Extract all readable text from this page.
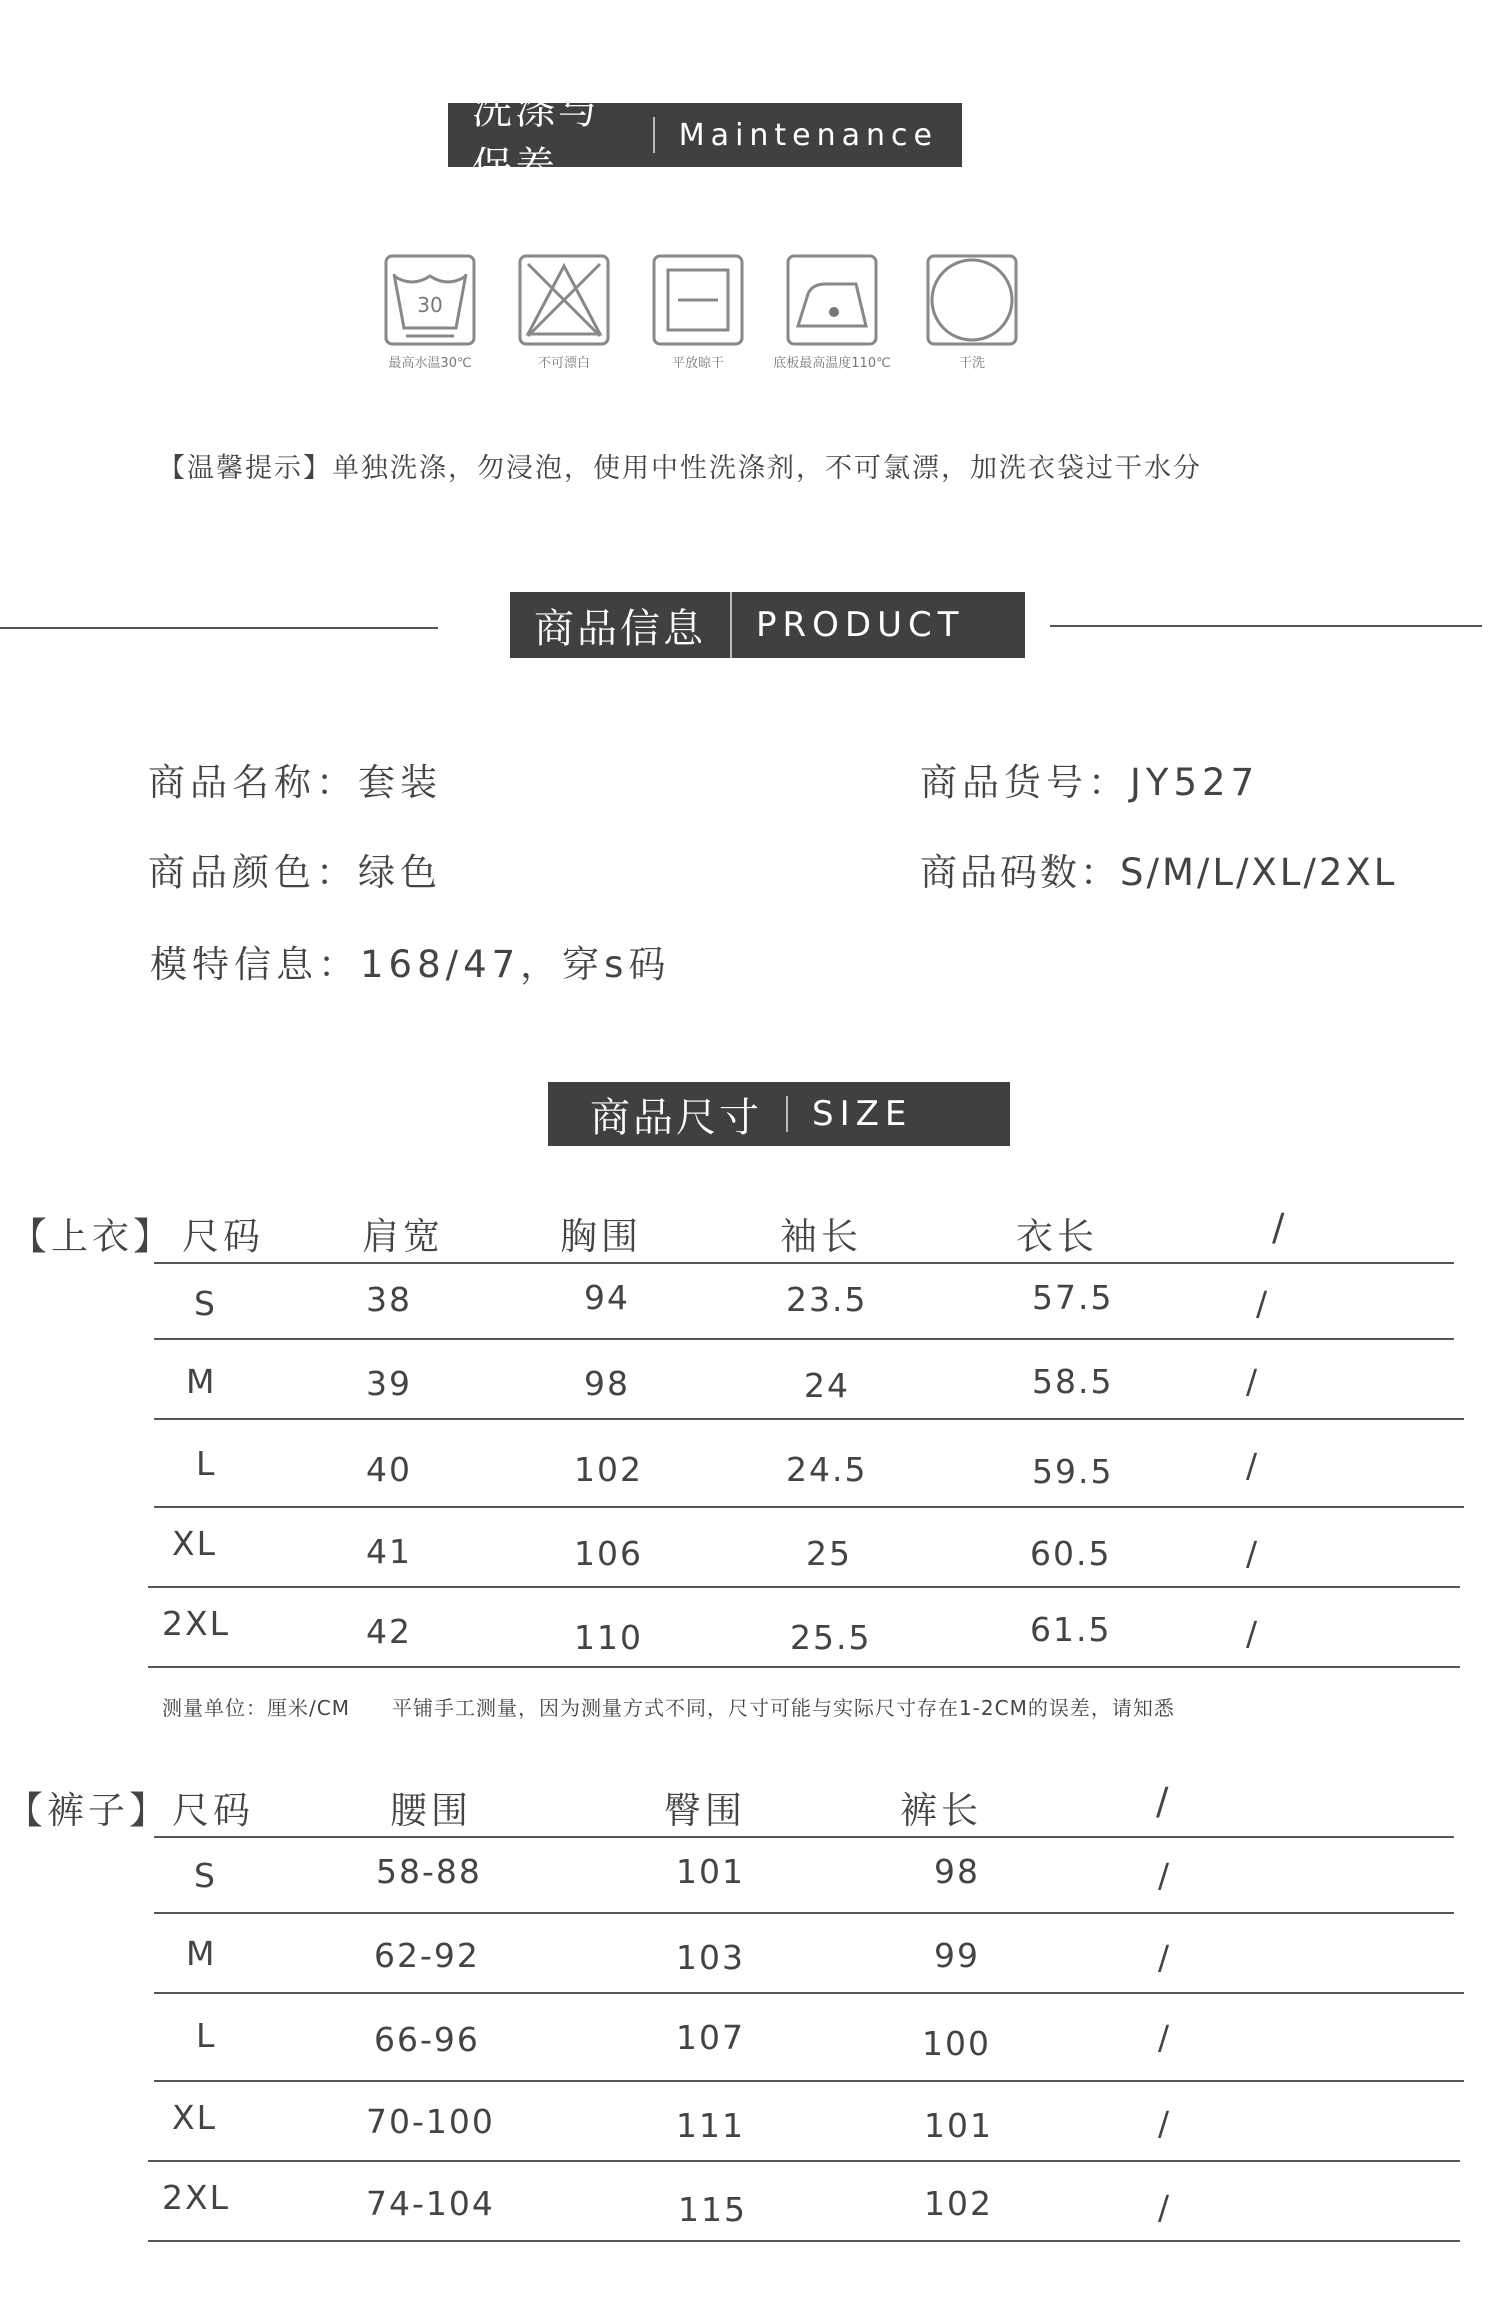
洗涤与保养
Maintenance
30
最高水温30℃	不可漂白	平放晾干	底板最高温度110℃	干洗
【温馨提示】单独洗涤，勿浸泡，使用中性洗涤剂，不可氯漂，加洗衣袋过干水分
商品信息	PRODUCT
商品名称：套装	商品货号：JY527
商品颜色：绿色	商品码数：S/M/L/XL/2XL
模特信息：168/47，穿s码
商品尺寸	SIZE
【上衣】 尺码	肩宽	胸围	袖长	衣长	/
S	38	94	23.5	57.5	/
M	39	98	24	58.5	/
L	40	102	24.5	59.5	/
XL	41	106	25	60.5	/
2XL	42	110	25.5	61.5	/
测量单位：厘米/CM　　平铺手工测量，因为测量方式不同，尺寸可能与实际尺寸存在1-2CM的误差，请知悉
【裤子】 尺码	腰围	臀围	裤长	/
S	58-88	101	98	/
M	62-92	103	99	/
L	66-96	107	100	/
XL	70-100	111	101	/
2XL	74-104	115	102	/
